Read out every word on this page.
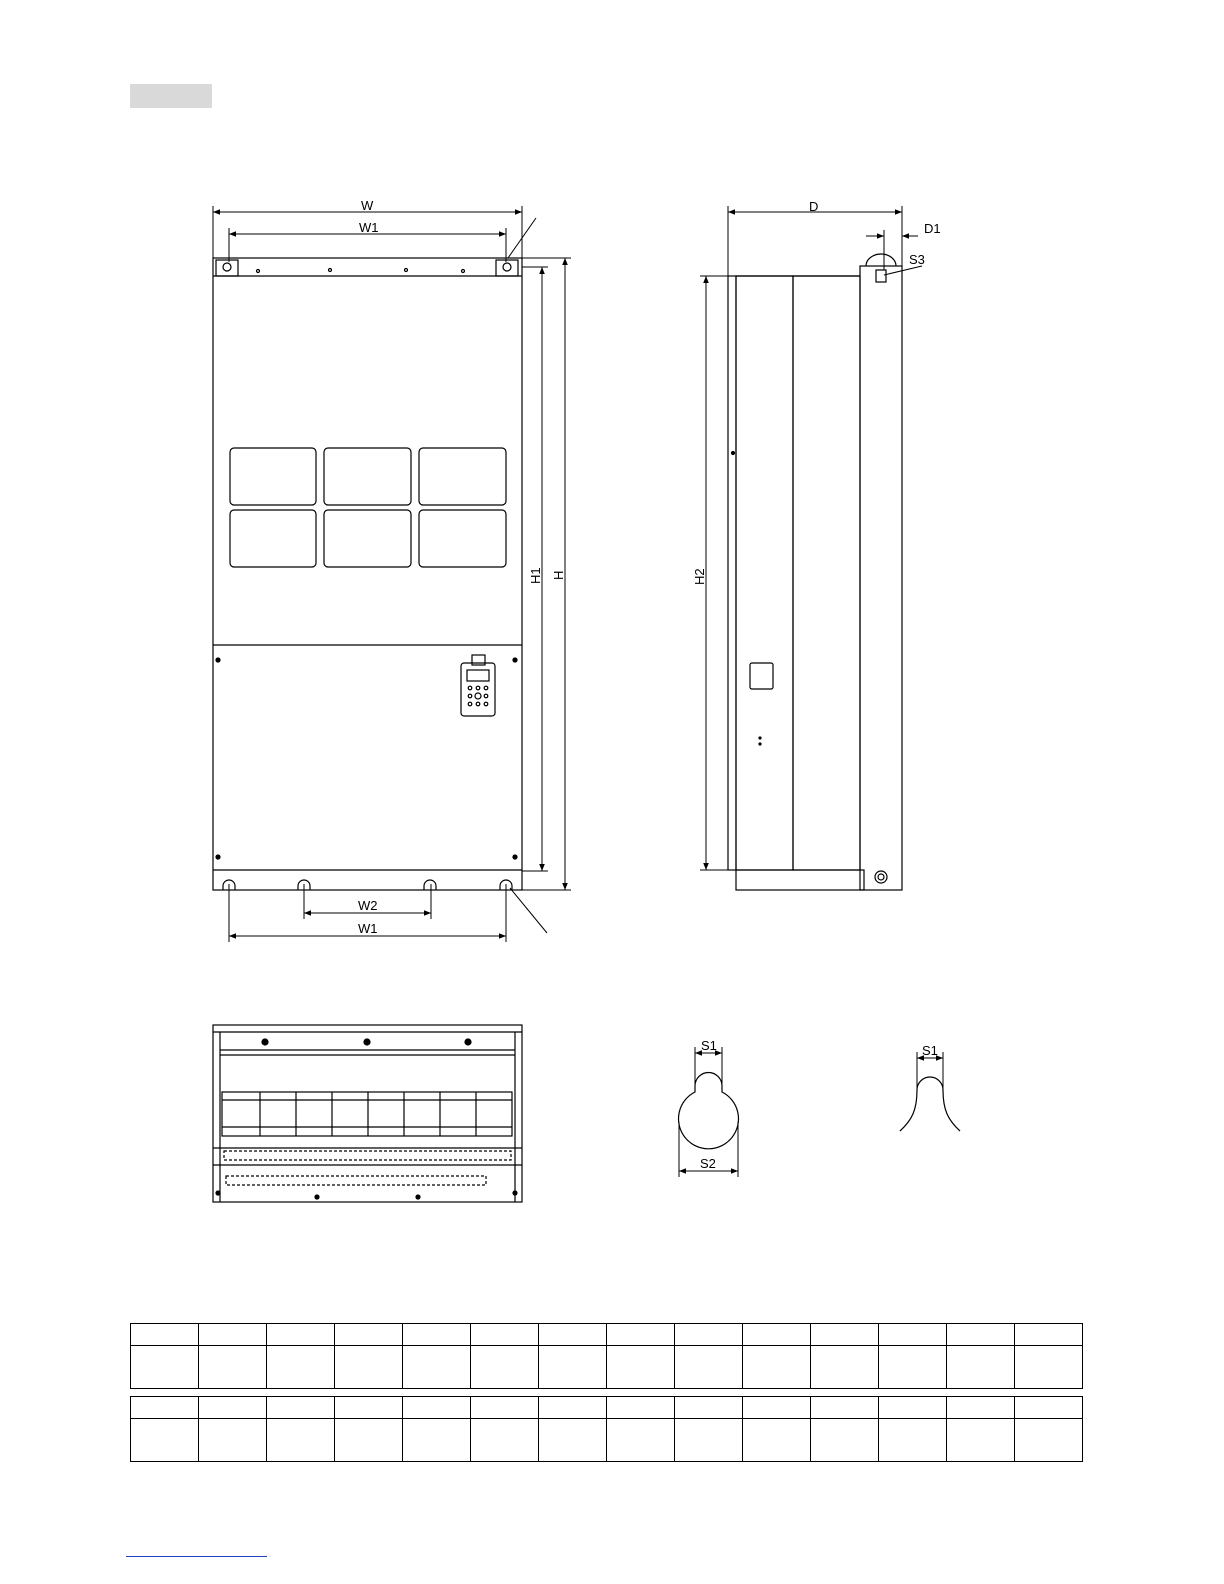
W
W1
H1 H
W2
W1
D
D1
S3
H2
S1
S2
S1
